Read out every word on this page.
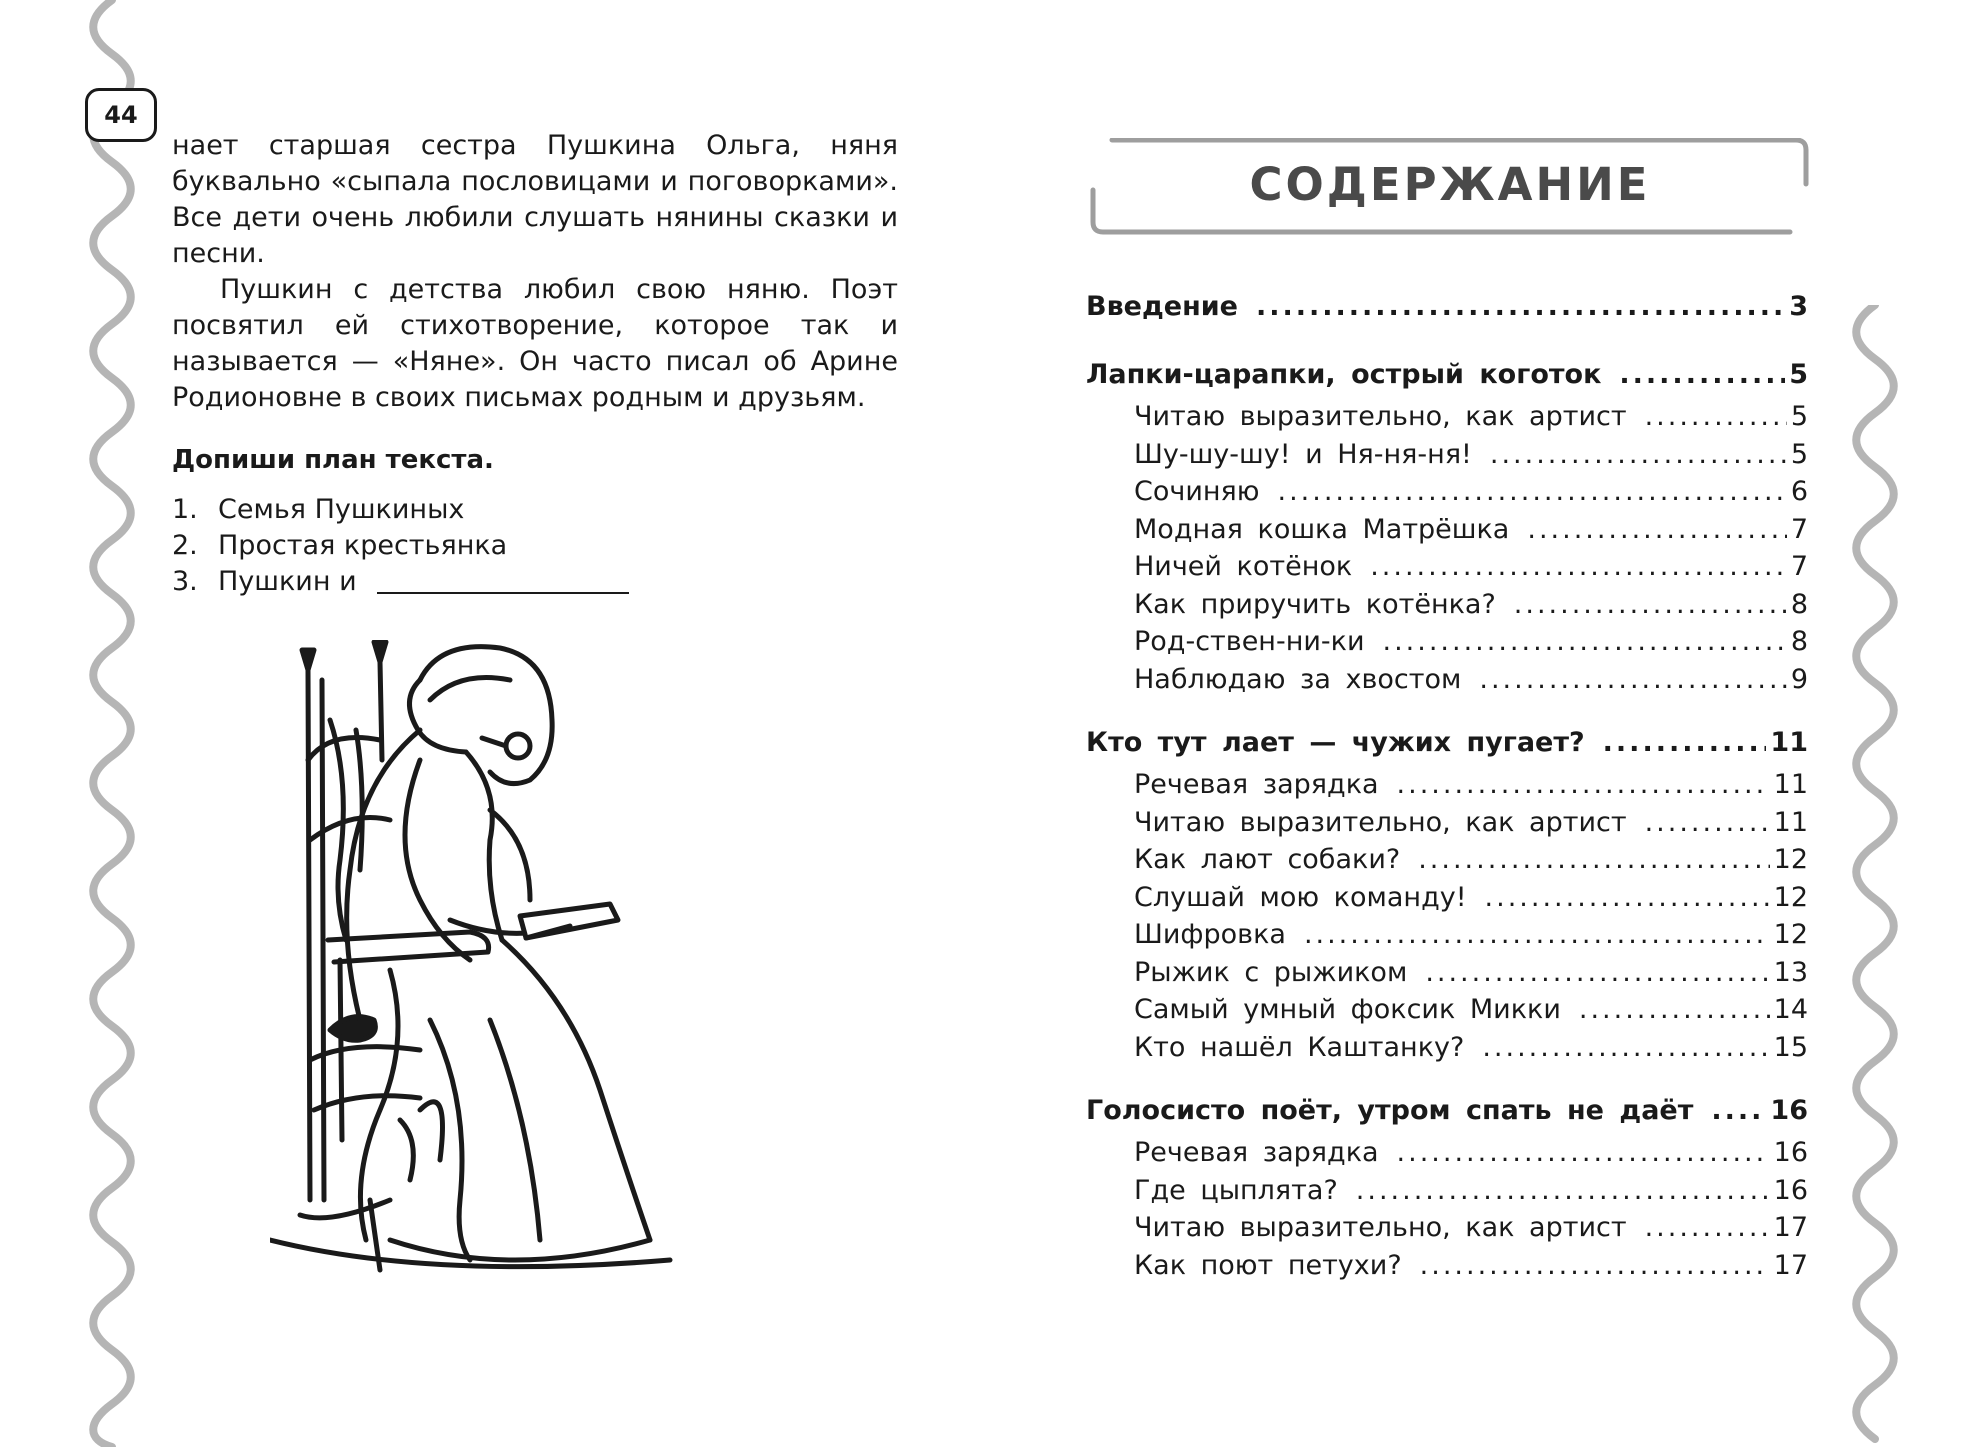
44

нает старшая сестра Пушкина Ольга, няня буквально «сыпала пословицами и поговорками». Все дети очень любили слушать нянины сказки и песни.

Пушкин с детства любил свою няню. Поэт посвятил ей стихотворение, которое так и называется — «Няне». Он часто писал об Арине Родионовне в своих письмах родным и друзьям.

Допиши план текста.
1. Семья Пушкиных
2. Простая крестьянка
3. Пушкин и
СОДЕРЖАНИЕ
Введение .....	3
Лапки-царапки, острый коготок .....	5
Читаю выразительно, как артист .....	5
Шу-шу-шу! и Ня-ня-ня! .....	5
Сочиняю .....	6
Модная кошка Матрёшка .....	7
Ничей котёнок .....	7
Как приручить котёнка? .....	8
Род-ствен-ни-ки .....	8
Наблюдаю за хвостом .....	9
Кто тут лает — чужих пугает? .....	11
Речевая зарядка .....	11
Читаю выразительно, как артист .....	11
Как лают собаки? .....	12
Слушай мою команду! .....	12
Шифровка .....	12
Рыжик с рыжиком .....	13
Самый умный фоксик Микки .....	14
Кто нашёл Каштанку? .....	15
Голосисто поёт, утром спать не даёт .....	16
Речевая зарядка .....	16
Где цыплята? .....	16
Читаю выразительно, как артист .....	17
Как поют петухи? .....	17
